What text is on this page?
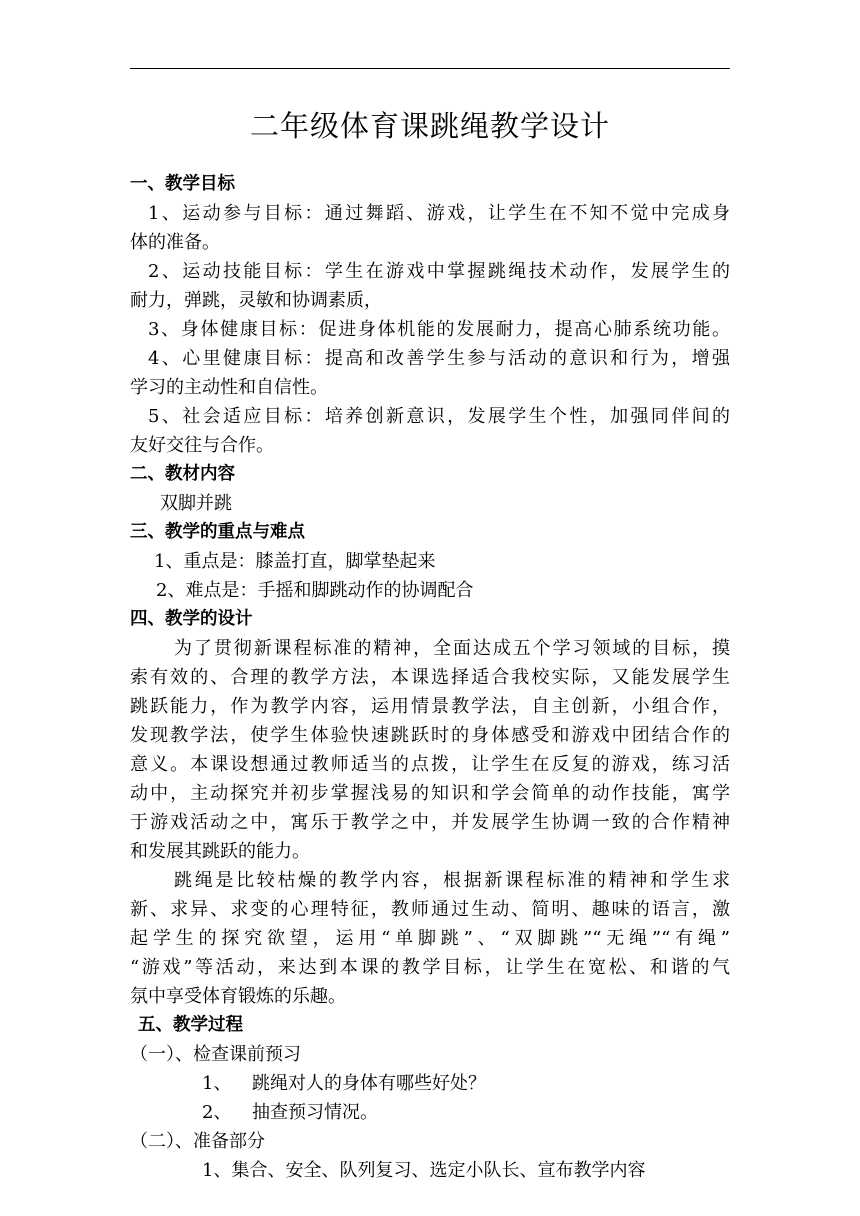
二年级体育课跳绳教学设计
一、教学目标
1、运动参与目标：通过舞蹈、游戏，让学生在不知不觉中完成身
体的准备。
2、运动技能目标：学生在游戏中掌握跳绳技术动作，发展学生的
耐力，弹跳，灵敏和协调素质，
3、身体健康目标：促进身体机能的发展耐力，提高心肺系统功能。
4、心里健康目标：提高和改善学生参与活动的意识和行为，增强
学习的主动性和自信性。
5、社会适应目标：培养创新意识，发展学生个性，加强同伴间的
友好交往与合作。
二、教材内容
双脚并跳
三、教学的重点与难点
1、重点是：膝盖打直，脚掌垫起来
2、难点是：手摇和脚跳动作的协调配合
四、教学的设计
为了贯彻新课程标准的精神，全面达成五个学习领域的目标，摸
索有效的、合理的教学方法，本课选择适合我校实际，又能发展学生
跳跃能力，作为教学内容，运用情景教学法，自主创新，小组合作，
发现教学法，使学生体验快速跳跃时的身体感受和游戏中团结合作的
意义。本课设想通过教师适当的点拨，让学生在反复的游戏，练习活
动中，主动探究并初步掌握浅易的知识和学会简单的动作技能，寓学
于游戏活动之中，寓乐于教学之中，并发展学生协调一致的合作精神
和发展其跳跃的能力。
跳绳是比较枯燥的教学内容，根据新课程标准的精神和学生求
新、求异、求变的心理特征，教师通过生动、简明、趣味的语言，激
起学生的探究欲望，运用“单脚跳”、“双脚跳”“无绳”“有绳”
“游戏”等活动，来达到本课的教学目标，让学生在宽松、和谐的气
氛中享受体育锻炼的乐趣。
五、教学过程
（一）、检查课前预习
1、 跳绳对人的身体有哪些好处？
2、 抽查预习情况。
（二）、准备部分
1、集合、安全、队列复习、选定小队长、宣布教学内容
